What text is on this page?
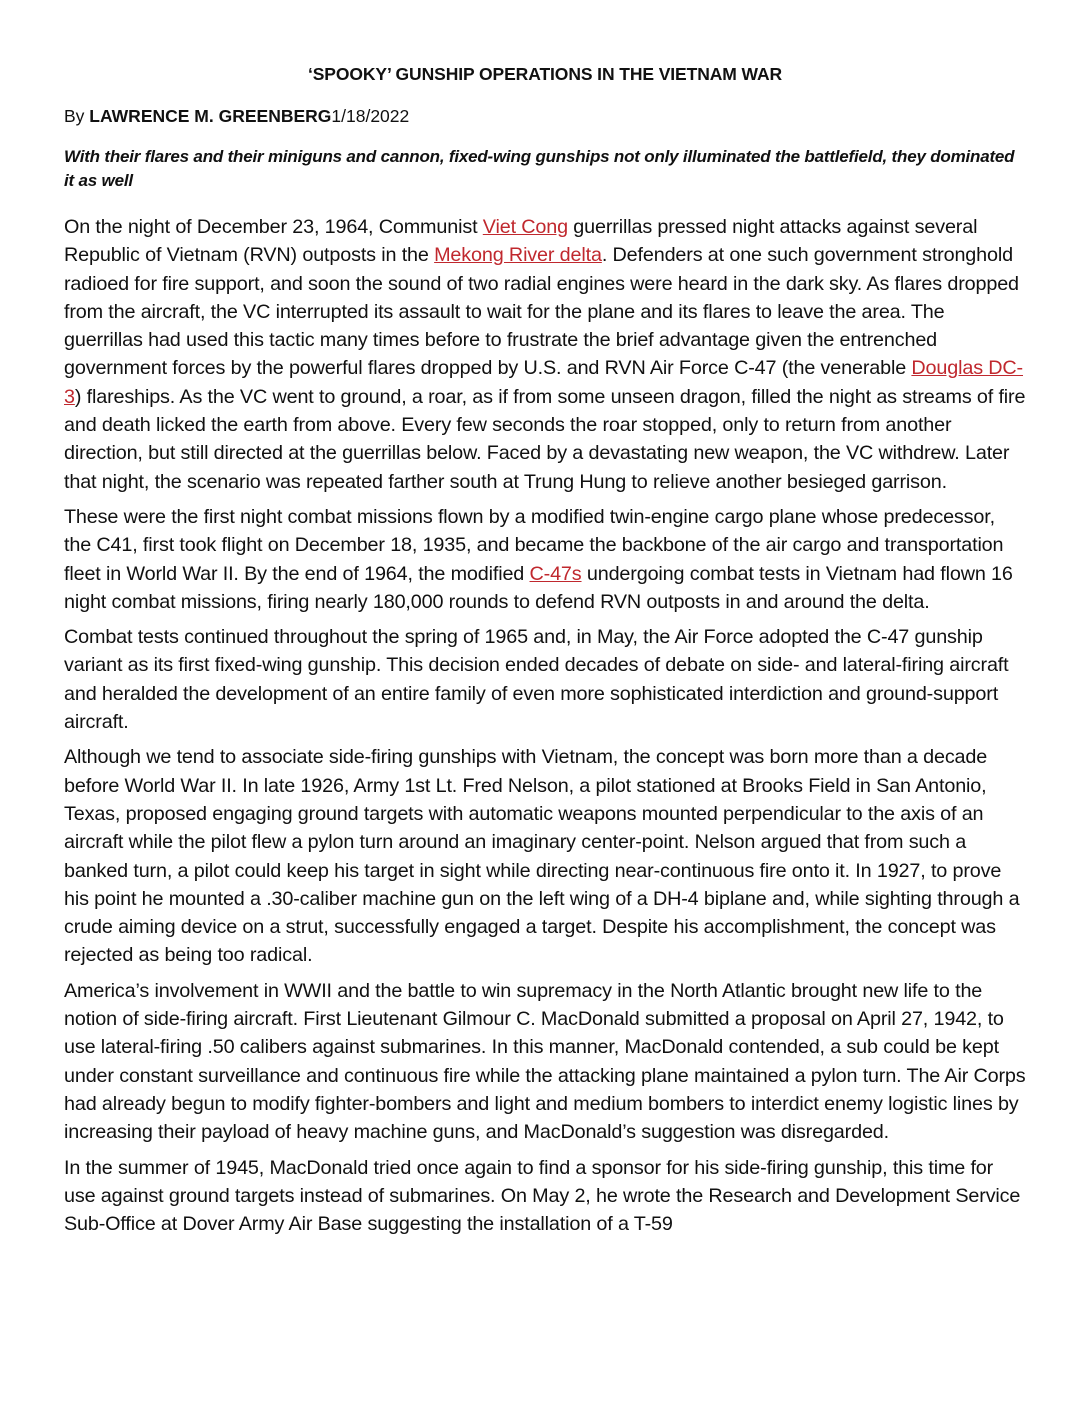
‘SPOOKY’ GUNSHIP OPERATIONS IN THE VIETNAM WAR
By LAWRENCE M. GREENBERG1/18/2022
With their flares and their miniguns and cannon, fixed-wing gunships not only illuminated the battlefield, they dominated it as well

On the night of December 23, 1964, Communist Viet Cong guerrillas pressed night attacks against several Republic of Vietnam (RVN) outposts in the Mekong River delta. Defenders at one such government stronghold radioed for fire support, and soon the sound of two radial engines were heard in the dark sky. As flares dropped from the aircraft, the VC interrupted its assault to wait for the plane and its flares to leave the area. The guerrillas had used this tactic many times before to frustrate the brief advantage given the entrenched government forces by the powerful flares dropped by U.S. and RVN Air Force C-47 (the venerable Douglas DC-3) flareships. As the VC went to ground, a roar, as if from some unseen dragon, filled the night as streams of fire and death licked the earth from above. Every few seconds the roar stopped, only to return from another direction, but still directed at the guerrillas below. Faced by a devastating new weapon, the VC withdrew. Later that night, the scenario was repeated farther south at Trung Hung to relieve another besieged garrison.

These were the first night combat missions flown by a modified twin-engine cargo plane whose predecessor, the C41, first took flight on December 18, 1935, and became the backbone of the air cargo and transportation fleet in World War II. By the end of 1964, the modified C-47s undergoing combat tests in Vietnam had flown 16 night combat missions, firing nearly 180,000 rounds to defend RVN outposts in and around the delta.

Combat tests continued throughout the spring of 1965 and, in May, the Air Force adopted the C-47 gunship variant as its first fixed-wing gunship. This decision ended decades of debate on side- and lateral-firing aircraft and heralded the development of an entire family of even more sophisticated interdiction and ground-support aircraft.

Although we tend to associate side-firing gunships with Vietnam, the concept was born more than a decade before World War II. In late 1926, Army 1st Lt. Fred Nelson, a pilot stationed at Brooks Field in San Antonio, Texas, proposed engaging ground targets with automatic weapons mounted perpendicular to the axis of an aircraft while the pilot flew a pylon turn around an imaginary center-point. Nelson argued that from such a banked turn, a pilot could keep his target in sight while directing near-continuous fire onto it. In 1927, to prove his point he mounted a .30-caliber machine gun on the left wing of a DH-4 biplane and, while sighting through a crude aiming device on a strut, successfully engaged a target. Despite his accomplishment, the concept was rejected as being too radical.

America’s involvement in WWII and the battle to win supremacy in the North Atlantic brought new life to the notion of side-firing aircraft. First Lieutenant Gilmour C. MacDonald submitted a proposal on April 27, 1942, to use lateral-firing .50 calibers against submarines. In this manner, MacDonald contended, a sub could be kept under constant surveillance and continuous fire while the attacking plane maintained a pylon turn. The Air Corps had already begun to modify fighter-bombers and light and medium bombers to interdict enemy logistic lines by increasing their payload of heavy machine guns, and MacDonald’s suggestion was disregarded.

In the summer of 1945, MacDonald tried once again to find a sponsor for his side-firing gunship, this time for use against ground targets instead of submarines. On May 2, he wrote the Research and Development Service Sub-Office at Dover Army Air Base suggesting the installation of a T-59
